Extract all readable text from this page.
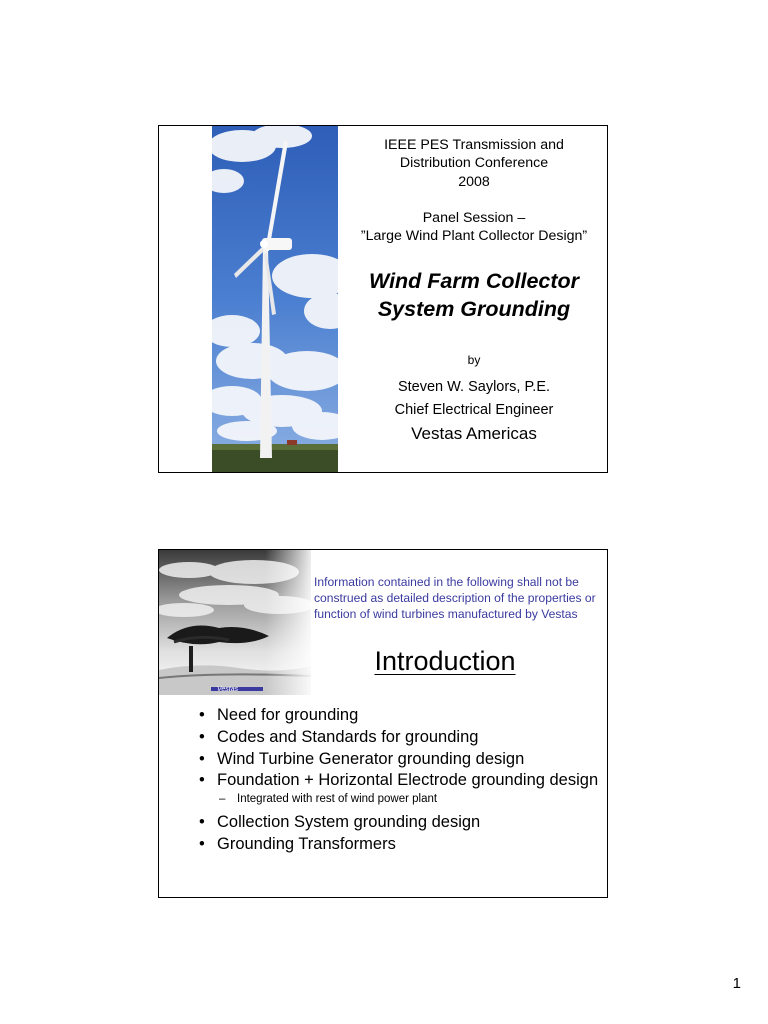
IEEE PES Transmission and
Distribution Conference
2008
Panel Session –
”Large Wind Plant Collector Design”
Wind Farm Collector
System Grounding
by
Steven W. Saylors, P.E.
Chief Electrical Engineer
Vestas Americas
Vestas
Information contained in the following shall not be construed as detailed description of the properties or function of wind turbines manufactured by Vestas
Introduction
• Need for grounding
• Codes and Standards for grounding
• Wind Turbine Generator grounding design
• Foundation + Horizontal Electrode grounding design
– Integrated with rest of wind power plant
• Collection System grounding design
• Grounding Transformers
1
